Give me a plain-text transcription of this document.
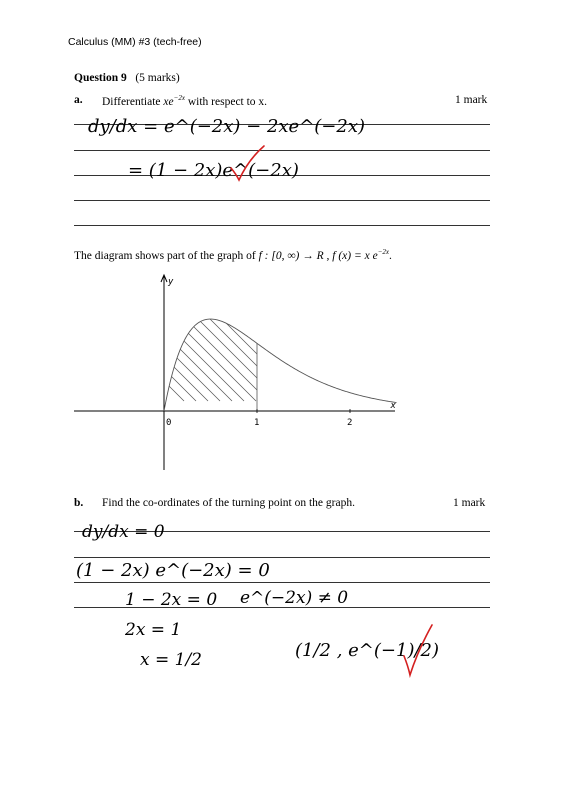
Calculus (MM) #3 (tech-free)
Question 9 (5 marks)
a. Differentiate $xe^{-2x}$ with respect to x.	1 mark
dy/dx = e^(−2x) − 2xe^(−2x)
= (1 − 2x)e^(−2x)
The diagram shows part of the graph of f : [0, ∞) → R , f (x) = x $e^{-2x}$.
y
x
0	1	2
b. Find the co-ordinates of the turning point on the graph.	1 mark
dy/dx = 0
(1 − 2x) e^(−2x) = 0
1 − 2x = 0 e^(−2x) ≠ 0
2x = 1
x = 1/2	(1/2 , e^(−1)/2)
